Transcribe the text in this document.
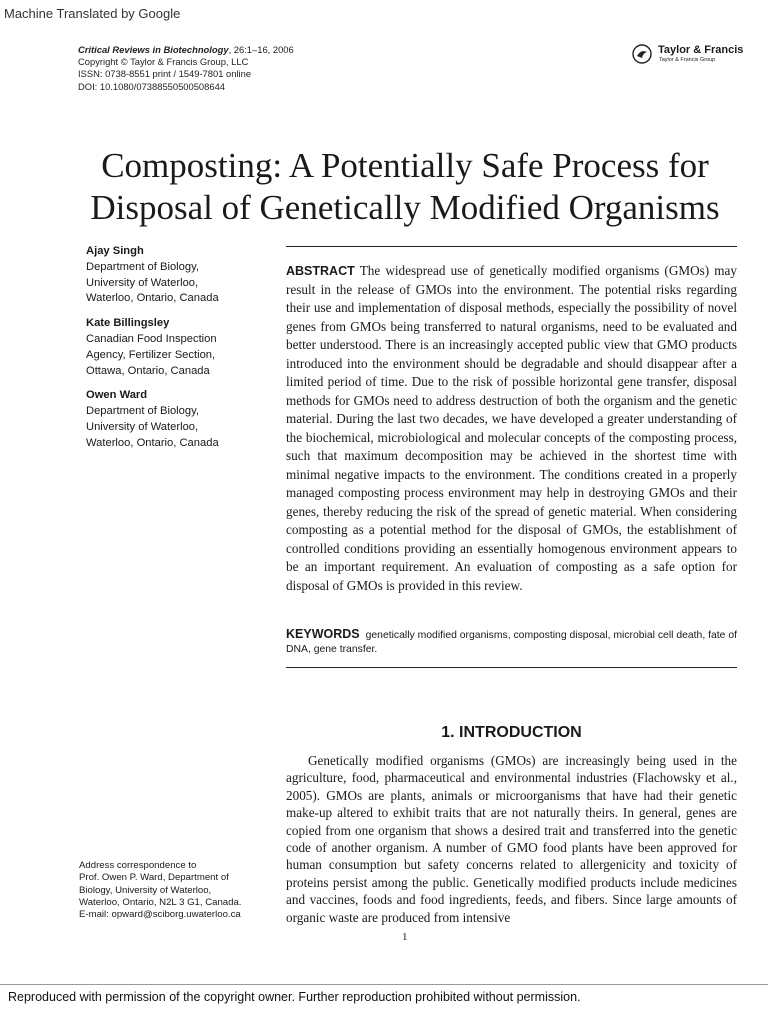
Machine Translated by Google
Critical Reviews in Biotechnology, 26:1–16, 2006
Copyright © Taylor & Francis Group, LLC
ISSN: 0738-8551 print / 1549-7801 online
DOI: 10.1080/07388550500508644
Taylor & Francis
Taylor & Francis Group
Composting: A Potentially Safe Process for
Disposal of Genetically Modified Organisms
Ajay Singh
Department of Biology,
University of Waterloo,
Waterloo, Ontario, Canada
Kate Billingsley
Canadian Food Inspection
Agency, Fertilizer Section,
Ottawa, Ontario, Canada
Owen Ward
Department of Biology,
University of Waterloo,
Waterloo, Ontario, Canada
ABSTRACT The widespread use of genetically modified organisms (GMOs) may result in the release of GMOs into the environment. The potential risks regarding their use and implementation of disposal methods, especially the possibility of novel genes from GMOs being transferred to natural organisms, need to be evaluated and better understood. There is an increasingly accepted public view that GMO products introduced into the environment should be degradable and should disappear after a limited period of time. Due to the risk of possible horizontal gene transfer, disposal methods for GMOs need to address destruction of both the organism and the genetic material. During the last two decades, we have developed a greater understanding of the biochemical, microbiological and molecular concepts of the composting process, such that maximum decomposition may be achieved in the shortest time with minimal negative impacts to the environment. The conditions created in a properly managed composting process environment may help in destroying GMOs and their genes, thereby reducing the risk of the spread of genetic material. When considering composting as a potential method for the disposal of GMOs, the establishment of controlled conditions providing an essentially homogenous environment appears to be an important requirement. An evaluation of composting as a safe option for disposal of GMOs is provided in this review.
KEYWORDS genetically modified organisms, composting disposal, microbial cell death, fate of DNA, gene transfer.
1. INTRODUCTION
Genetically modified organisms (GMOs) are increasingly being used in the agriculture, food, pharmaceutical and environmental industries (Flachowsky et al., 2005). GMOs are plants, animals or microorganisms that have had their genetic make-up altered to exhibit traits that are not naturally theirs. In general, genes are copied from one organism that shows a desired trait and transferred into the genetic code of another organism. A number of GMO food plants have been approved for human consumption but safety concerns related to allergenicity and toxicity of proteins persist among the public. Genetically modified products include medicines and vaccines, foods and food ingredients, feeds, and fibers. Since large amounts of organic waste are produced from intensive
Address correspondence to
Prof. Owen P. Ward, Department of
Biology, University of Waterloo,
Waterloo, Ontario, N2L 3 G1, Canada.
E-mail: opward@sciborg.uwaterloo.ca
1
Reproduced with permission of the copyright owner. Further reproduction prohibited without permission.
